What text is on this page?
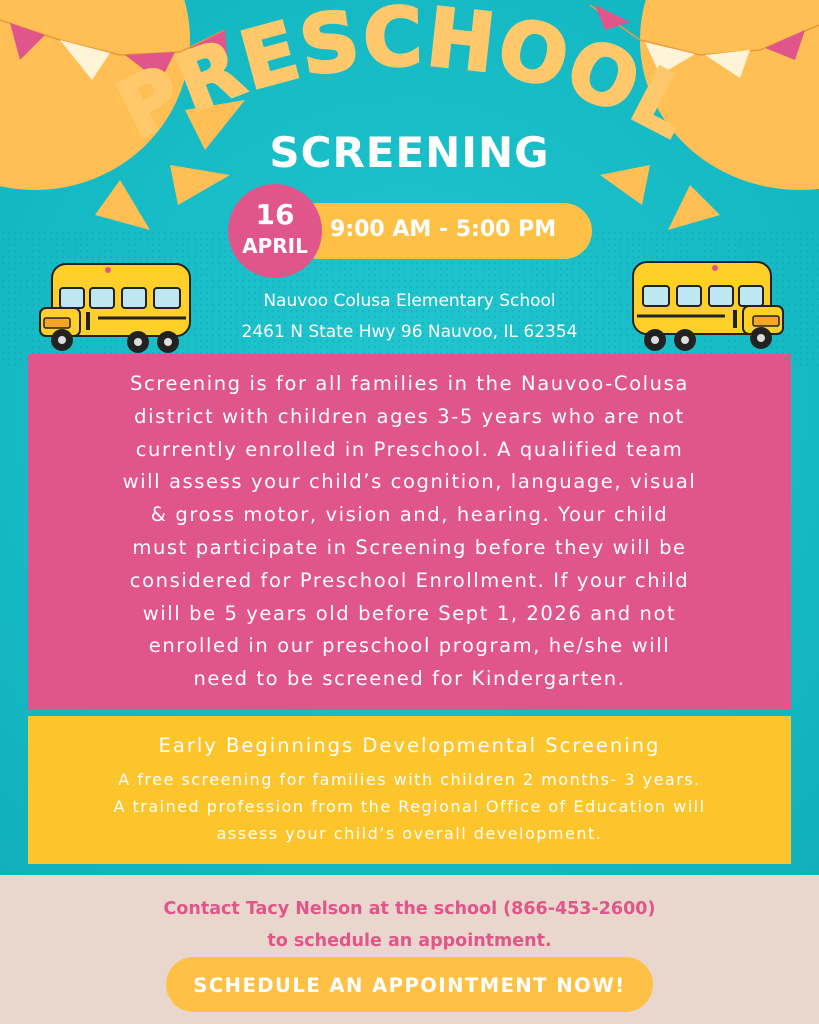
PRESCHOOL
SCREENING
9:00 AM - 5:00 PM
16
APRIL
Nauvoo Colusa Elementary School
2461 N State Hwy 96 Nauvoo, IL 62354
Screening is for all families in the Nauvoo-Colusa
district with children ages 3-5 years who are not
currently enrolled in Preschool. A qualified team
will assess your child’s cognition, language, visual
& gross motor, vision and, hearing. Your child
must participate in Screening before they will be
considered for Preschool Enrollment. If your child
will be 5 years old before Sept 1, 2026 and not
enrolled in our preschool program, he/she will
need to be screened for Kindergarten.
Early Beginnings Developmental Screening
A free screening for families with children 2 months- 3 years.
A trained profession from the Regional Office of Education will
assess your child’s overall development.
Contact Tacy Nelson at the school (866-453-2600)
to schedule an appointment.
SCHEDULE AN APPOINTMENT NOW!
